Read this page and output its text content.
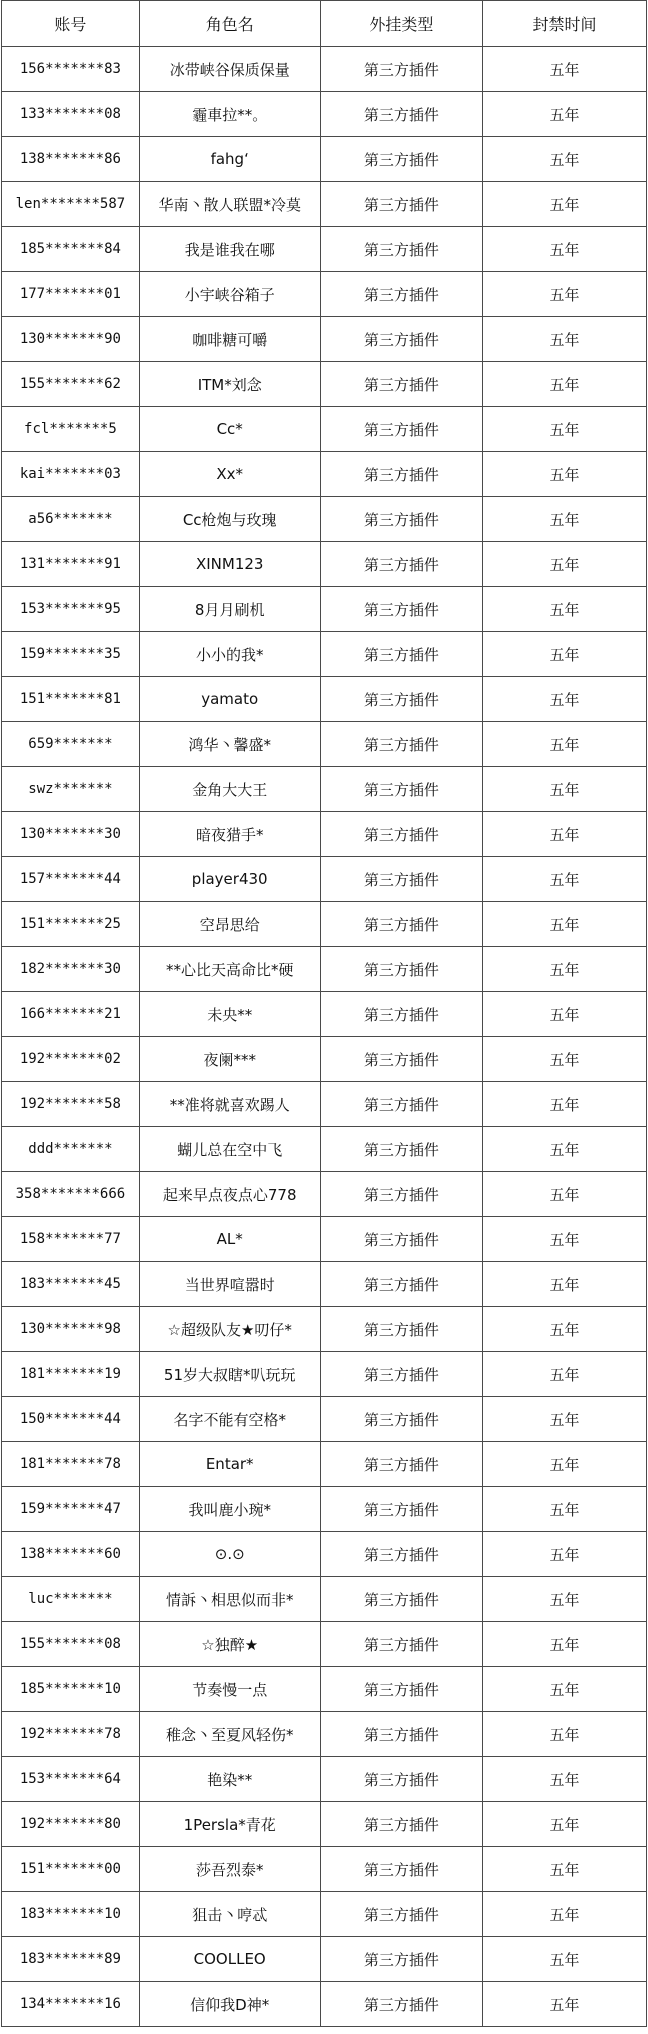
账号	角色名	外挂类型	封禁时间
156*******83	冰带峡谷保质保量	第三方插件	五年
133*******08	霾車拉**。	第三方插件	五年
138*******86	fahg‘	第三方插件	五年
len*******587	华南丶散人联盟*冷莫	第三方插件	五年
185*******84	我是谁我在哪	第三方插件	五年
177*******01	小宇峡谷箱子	第三方插件	五年
130*******90	咖啡糖可嚼	第三方插件	五年
155*******62	ITM*刘念	第三方插件	五年
fcl*******5	Cc*	第三方插件	五年
kai*******03	Xx*	第三方插件	五年
a56*******	Cc枪炮与玫瑰	第三方插件	五年
131*******91	XINM123	第三方插件	五年
153*******95	8月月刷机	第三方插件	五年
159*******35	小小的我*	第三方插件	五年
151*******81	yamato	第三方插件	五年
659*******	鸿华丶馨盛*	第三方插件	五年
swz*******	金角大大王	第三方插件	五年
130*******30	暗夜猎手*	第三方插件	五年
157*******44	player430	第三方插件	五年
151*******25	空昂思给	第三方插件	五年
182*******30	**心比天高命比*硬	第三方插件	五年
166*******21	未央**	第三方插件	五年
192*******02	夜阑***	第三方插件	五年
192*******58	**准将就喜欢踢人	第三方插件	五年
ddd*******	蝴儿总在空中飞	第三方插件	五年
358*******666	起来早点夜点心778	第三方插件	五年
158*******77	AL*	第三方插件	五年
183*******45	当世界喧嚣时	第三方插件	五年
130*******98	☆超级队友★叨仔*	第三方插件	五年
181*******19	51岁大叔瞎*叭玩玩	第三方插件	五年
150*******44	名字不能有空格*	第三方插件	五年
181*******78	Entar*	第三方插件	五年
159*******47	我叫鹿小琬*	第三方插件	五年
138*******60	⊙.⊙	第三方插件	五年
luc*******	情訴丶相思似而非*	第三方插件	五年
155*******08	☆独醉★	第三方插件	五年
185*******10	节奏慢一点	第三方插件	五年
192*******78	稚念丶至夏风轻伤*	第三方插件	五年
153*******64	艳染**	第三方插件	五年
192*******80	1Persla*青花	第三方插件	五年
151*******00	莎吾烈泰*	第三方插件	五年
183*******10	狙击丶哼忒	第三方插件	五年
183*******89	COOLLEO	第三方插件	五年
134*******16	信仰我D神*	第三方插件	五年
